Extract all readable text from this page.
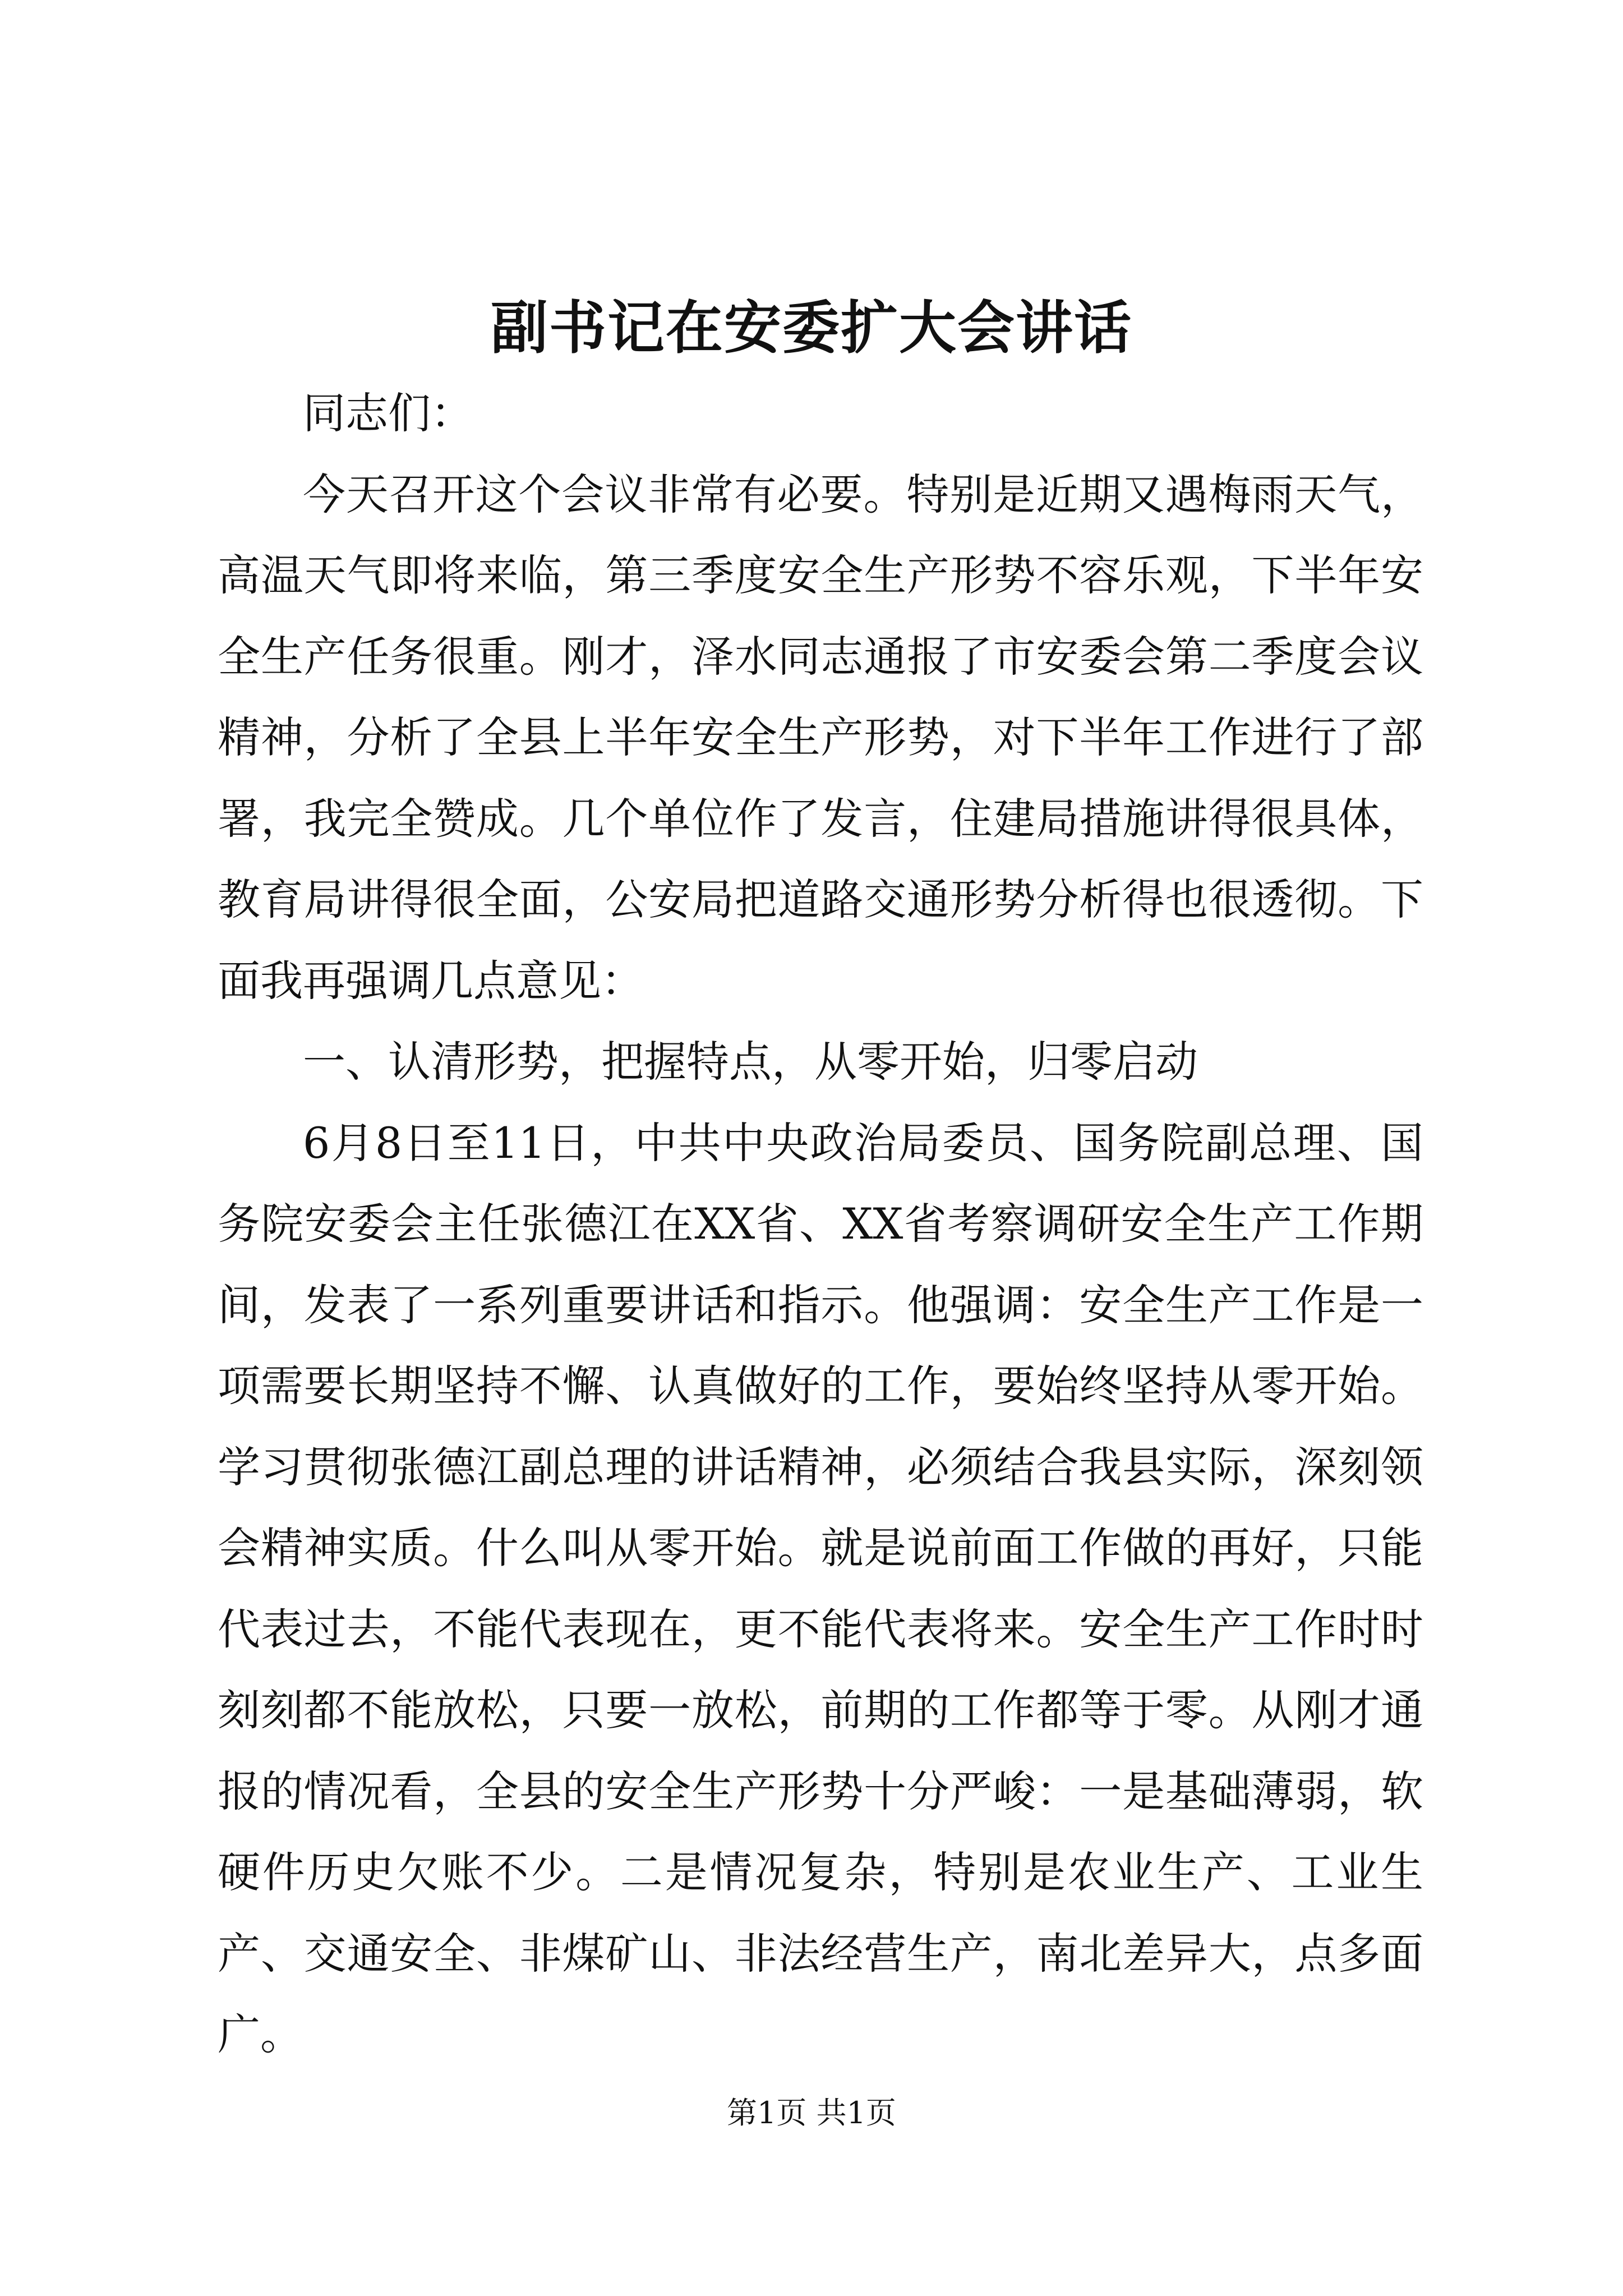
副书记在安委扩大会讲话

同志们：

今天召开这个会议非常有必要。特别是近期又遇梅雨天气，高温天气即将来临，第三季度安全生产形势不容乐观，下半年安全生产任务很重。刚才，泽水同志通报了市安委会第二季度会议精神，分析了全县上半年安全生产形势，对下半年工作进行了部署，我完全赞成。几个单位作了发言，住建局措施讲得很具体，教育局讲得很全面，公安局把道路交通形势分析得也很透彻。下面我再强调几点意见：

一、认清形势，把握特点，从零开始，归零启动

6月8日至11日，中共中央政治局委员、国务院副总理、国务院安委会主任张德江在XX省、XX省考察调研安全生产工作期间，发表了一系列重要讲话和指示。他强调：安全生产工作是一项需要长期坚持不懈、认真做好的工作，要始终坚持从零开始。学习贯彻张德江副总理的讲话精神，必须结合我县实际，深刻领会精神实质。什么叫从零开始。就是说前面工作做的再好，只能代表过去，不能代表现在，更不能代表将来。安全生产工作时时刻刻都不能放松，只要一放松，前期的工作都等于零。从刚才通报的情况看，全县的安全生产形势十分严峻：一是基础薄弱，软硬件历史欠账不少。二是情况复杂，特别是农业生产、工业生产、交通安全、非煤矿山、非法经营生产，南北差异大，点多面广。

第1页 共1页
